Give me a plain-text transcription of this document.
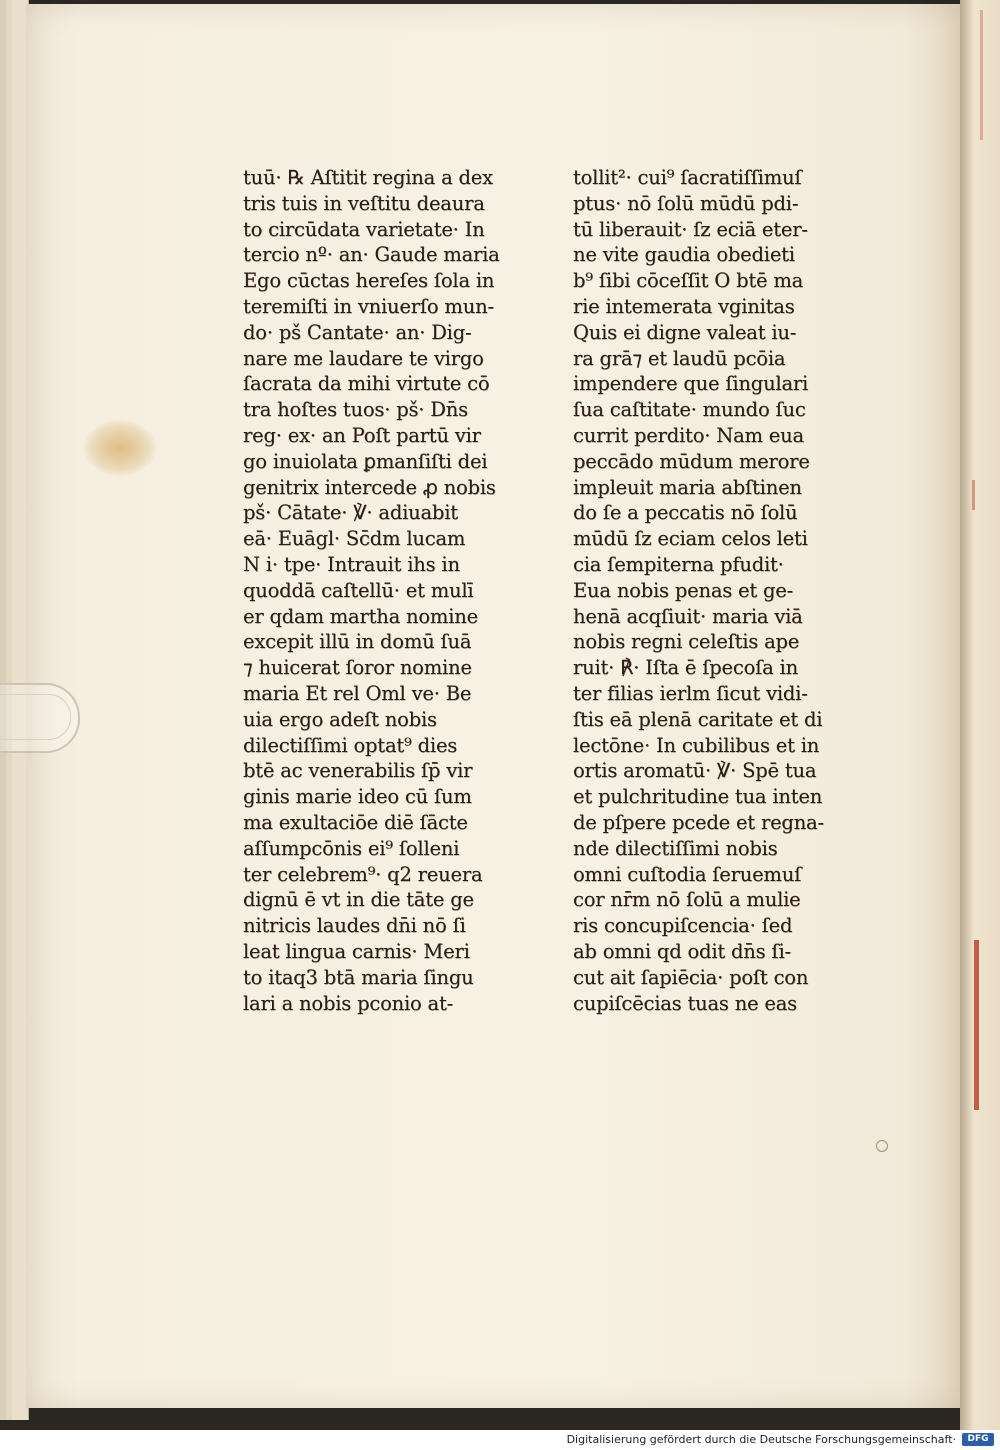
tuū· ℞ Aſtitit regina a dex
tris tuis in veſtitu deaura
to circūdata varietate· In
tercio nº· an· Gaude maria
Ego cūctas hereſes ſola in
teremiſti in vniuerſo mun-
do· pš Cantate· an· Dig-
nare me laudare te virgo
ſacrata da mihi virtute cō
tra hoſtes tuos· pš· Dn̄s
reg· ex· an Poſt partū vir
go inuiolata ꝑmanſiſti dei
genitrix intercede ꝓ nobis
pš· Cātate· ℣· adiuabit
eā· Euāgl· Sc̄dm lucam
N i· tpe· Intrauit ihs in
quoddā caſtellū· et mulī
er qdam martha nomine
excepit illū in domū ſuā
⁊ huicerat ſoror nomine
maria Et rel Oml ve· Be
uia ergo adeſt nobis
dilectiſſimi optat⁹ dies
btē ac venerabilis ſp̄ vir
ginis marie ideo cū ſum
ma exultaciōe diē ſācte
aſſumpcōnis ei⁹ ſolleni
ter celebrem⁹· q2 reuera
dignū ē vt in die tāte ge
nitricis laudes dn̄i nō ſi
leat lingua carnis· Meri
to itaq3 btā maria ſingu
lari a nobis pconio at-
tollit²· cui⁹ ſacratiſſimuſ
ptus· nō ſolū mūdū pdi-
tū liberauit· ſz eciā eter-
ne vite gaudia obedieti
b⁹ ſibi cōceſſit O btē ma
rie intemerata vginitas
Quis ei digne valeat iu-
ra grā⁊ et laudū pcōia
impendere que ſingulari
ſua caſtitate· mundo ſuc
currit perdito· Nam eua
peccādo mūdum merore
impleuit maria abſtinen
do ſe a peccatis nō ſolū
mūdū ſz eciam celos leti
cia ſempiterna pfudit·
Eua nobis penas et ge-
henā acqſiuit· maria viā
nobis regni celeſtis ape
ruit· ℟· Iſta ē ſpecoſa in
ter filias ierlm ſicut vidi-
ſtis eā plenā caritate et di
lectōne· In cubilibus et in
ortis aromatū· ℣· Spē tua
et pulchritudine tua inten
de pſpere pcede et regna-
nde dilectiſſimi nobis
omni cuſtodia ſeruemuſ
cor nr̄m nō ſolū a mulie
ris concupiſcencia· ſed
ab omni qd odit dn̄s ſi-
cut ait ſapiēcia· poſt con
cupiſcēcias tuas ne eas
Digitalisierung gefördert durch die Deutsche Forschungsgemeinschaft·	DFG
